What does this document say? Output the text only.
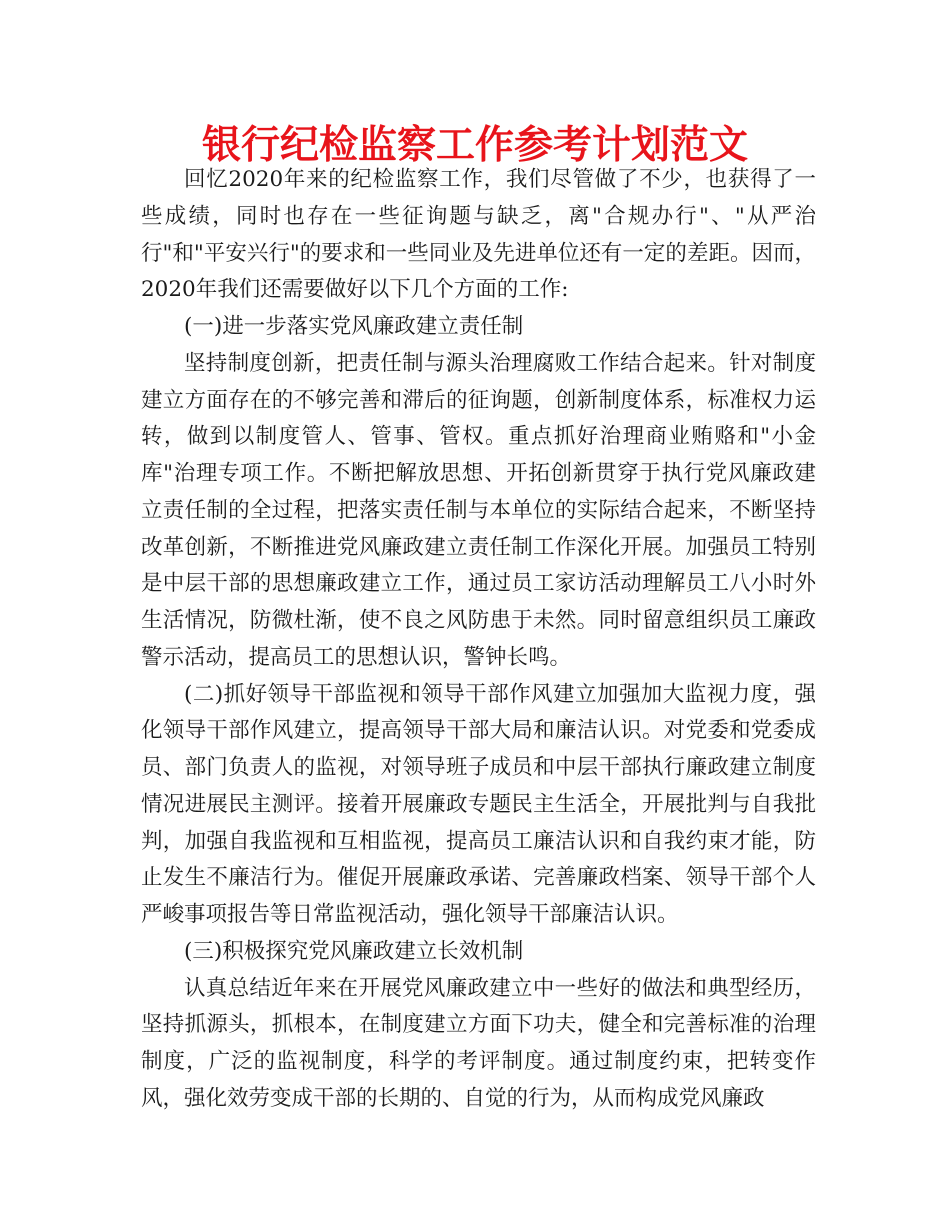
银行纪检监察工作参考计划范文

回忆2020年来的纪检监察工作，我们尽管做了不少，也获得了一些成绩，同时也存在一些征询题与缺乏，离"合规办行"、"从严治行"和"平安兴行"的要求和一些同业及先进单位还有一定的差距。因而，2020年我们还需要做好以下几个方面的工作:

(一)进一步落实党风廉政建立责任制

坚持制度创新，把责任制与源头治理腐败工作结合起来。针对制度建立方面存在的不够完善和滞后的征询题，创新制度体系，标准权力运转，做到以制度管人、管事、管权。重点抓好治理商业贿赂和"小金库"治理专项工作。不断把解放思想、开拓创新贯穿于执行党风廉政建立责任制的全过程，把落实责任制与本单位的实际结合起来，不断坚持改革创新，不断推进党风廉政建立责任制工作深化开展。加强员工特别是中层干部的思想廉政建立工作，通过员工家访活动理解员工八小时外生活情况，防微杜渐，使不良之风防患于未然。同时留意组织员工廉政警示活动，提高员工的思想认识，警钟长鸣。

(二)抓好领导干部监视和领导干部作风建立加强加大监视力度，强化领导干部作风建立，提高领导干部大局和廉洁认识。对党委和党委成员、部门负责人的监视，对领导班子成员和中层干部执行廉政建立制度情况进展民主测评。接着开展廉政专题民主生活全，开展批判与自我批判，加强自我监视和互相监视，提高员工廉洁认识和自我约束才能，防止发生不廉洁行为。催促开展廉政承诺、完善廉政档案、领导干部个人严峻事项报告等日常监视活动，强化领导干部廉洁认识。

(三)积极探究党风廉政建立长效机制

认真总结近年来在开展党风廉政建立中一些好的做法和典型经历，坚持抓源头，抓根本，在制度建立方面下功夫，健全和完善标准的治理制度，广泛的监视制度，科学的考评制度。通过制度约束，把转变作风，强化效劳变成干部的长期的、自觉的行为，从而构成党风廉政
